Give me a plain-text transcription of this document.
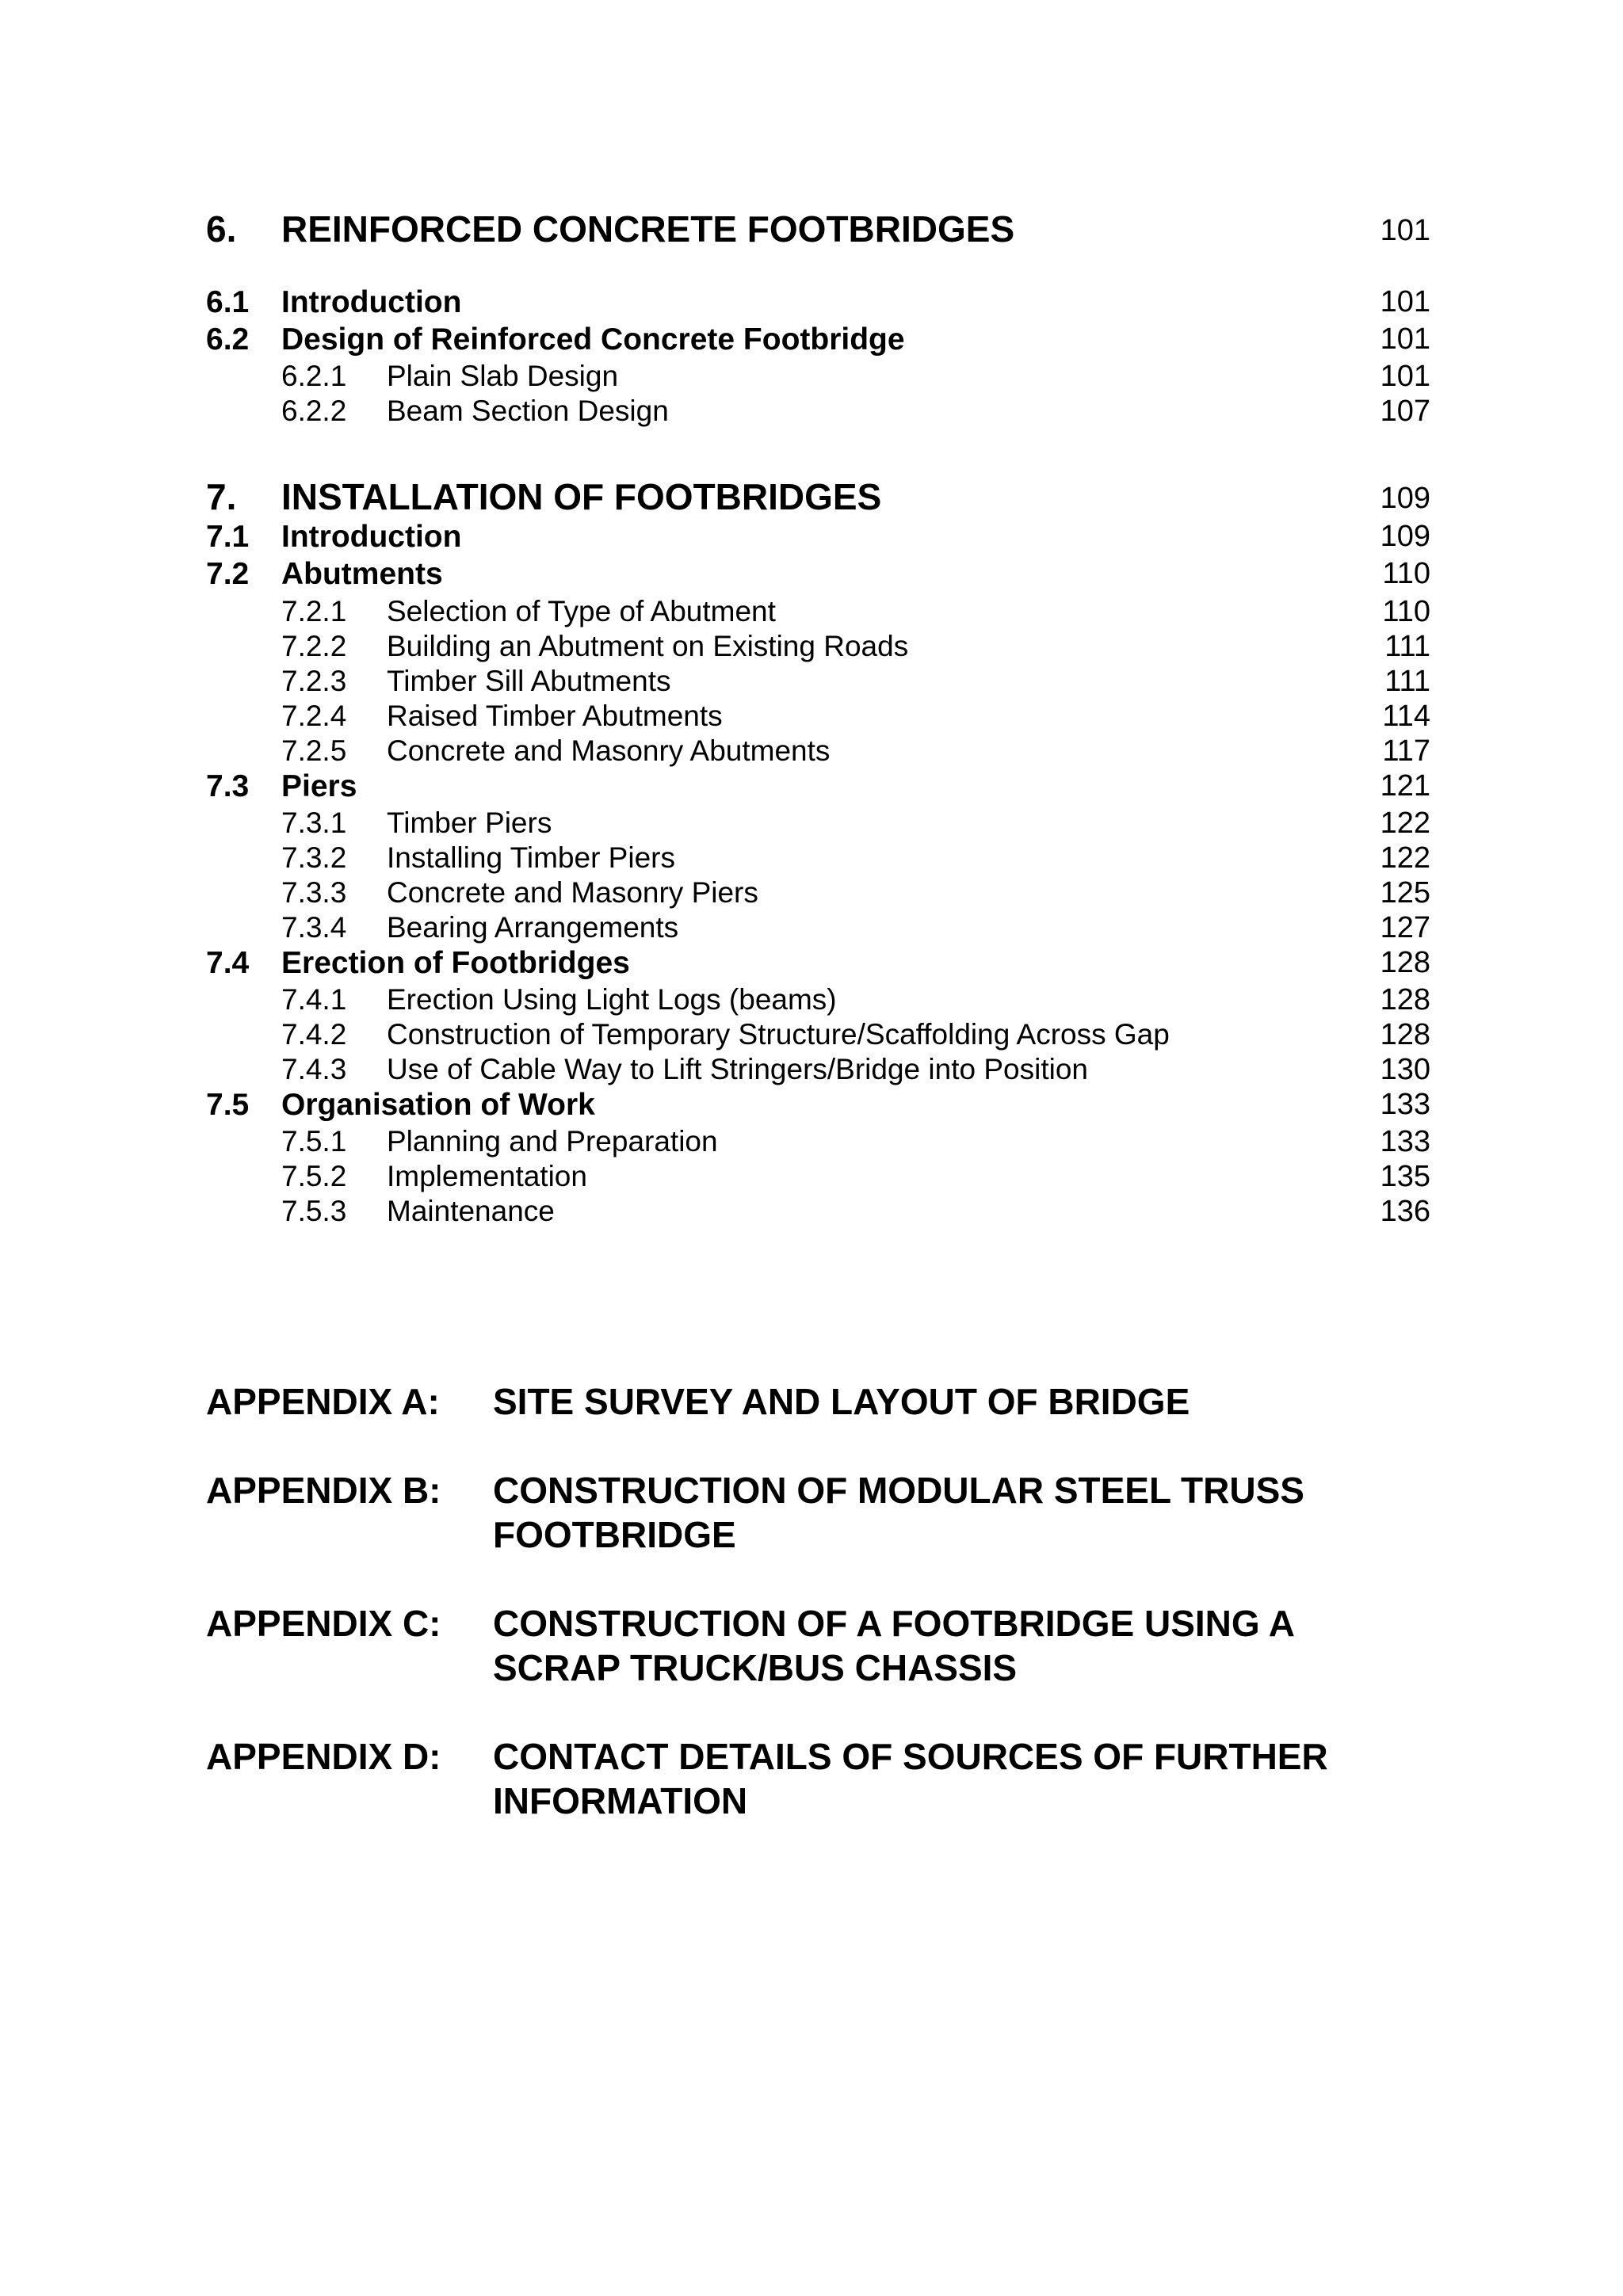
6. REINFORCED CONCRETE FOOTBRIDGES	101
6.1 Introduction	101
6.2 Design of Reinforced Concrete Footbridge	101
6.2.1 Plain Slab Design	101
6.2.2 Beam Section Design	107
7. INSTALLATION OF FOOTBRIDGES	109
7.1 Introduction	109
7.2 Abutments	110
7.2.1 Selection of Type of Abutment	110
7.2.2 Building an Abutment on Existing Roads	111
7.2.3 Timber Sill Abutments	111
7.2.4 Raised Timber Abutments	114
7.2.5 Concrete and Masonry Abutments	117
7.3 Piers	121
7.3.1 Timber Piers	122
7.3.2 Installing Timber Piers	122
7.3.3 Concrete and Masonry Piers	125
7.3.4 Bearing Arrangements	127
7.4 Erection of Footbridges	128
7.4.1 Erection Using Light Logs (beams)	128
7.4.2 Construction of Temporary Structure/Scaffolding Across Gap	128
7.4.3 Use of Cable Way to Lift Stringers/Bridge into Position	130
7.5 Organisation of Work	133
7.5.1 Planning and Preparation	133
7.5.2 Implementation	135
7.5.3 Maintenance	136
APPENDIX A: SITE SURVEY AND LAYOUT OF BRIDGE
APPENDIX B: CONSTRUCTION OF MODULAR STEEL TRUSS FOOTBRIDGE
APPENDIX C: CONSTRUCTION OF A FOOTBRIDGE USING A SCRAP TRUCK/BUS CHASSIS
APPENDIX D: CONTACT DETAILS OF SOURCES OF FURTHER INFORMATION
